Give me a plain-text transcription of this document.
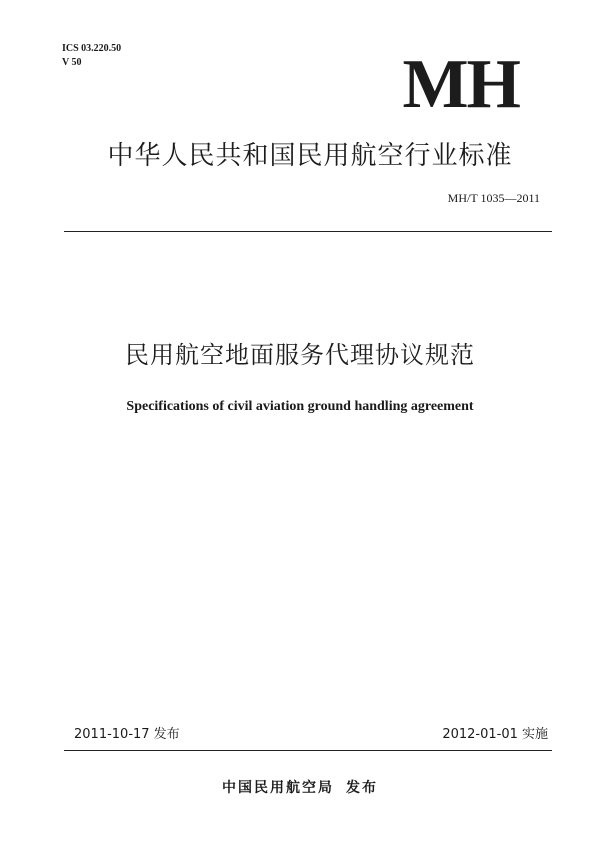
ICS 03.220.50
V 50	MH
中华人民共和国民用航空行业标准
MH/T 1035—2011
民用航空地面服务代理协议规范
Specifications of civil aviation ground handling agreement
2011-10-17 发布	2012-01-01 实施
中国民用航空局 发布
